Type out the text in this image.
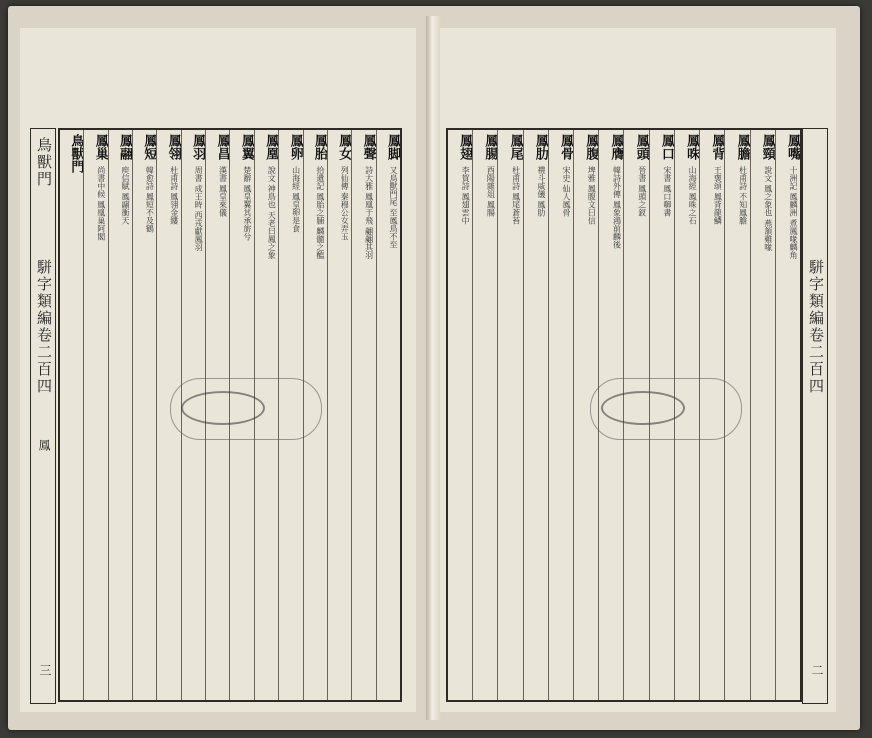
鳳脚
又鳥獸門尾 至鳳鳥不至
鳳聲
詩大雅 鳳凰于飛 翽翽其羽
鳳女
列仙傳 秦穆公女弄玉
鳳胎
拾遺記 鳳胎之脯 麟髓之醢
鳳卵
山海經 鳳皇卵是食
鳳凰
說文 神鳥也 天老曰鳳之象
鳳翼
楚辭 鳳皇翼其承旂兮
鳳昌
漢書 鳳皇來儀
鳳羽
周書 成王時 西戎獻鳳羽
鳳翎
杜甫詩 鳳翎金縷
鳳短
韓愈詩 鳳短不及鶴
鳳翮
庾信賦 鳳翮衝天
鳳巢
尚書中候 鳳凰巢阿閣
鳥獸門
鳥獸門
駢字類編卷二百四
鳳
三
鳳嘴
十洲記 鳳麟洲 煮鳳喙麟角
鳳頸
說文 鳳之象也 燕頷雞喙
鳳膽
杜甫詩 不知鳳膽
鳳背
王褒頌 鳳背龍鱗
鳳咮
山海經 鳳咮之石
鳳口
宋書 鳳口啣書
鳳頭
晉書 鳳頭之釵
鳳膺
韓詩外傳 鳳象鴻前麟後
鳳腹
埤雅 鳳腹文曰信
鳳骨
宋史 仙人鳳骨
鳳肋
禮斗威儀 鳳肋
鳳尾
杜甫詩 鳳尾蒼苔
鳳腸
酉陽雜俎 鳳腸
鳳翅
李賀詩 鳳翅雲中
駢字類編卷二百四
二
